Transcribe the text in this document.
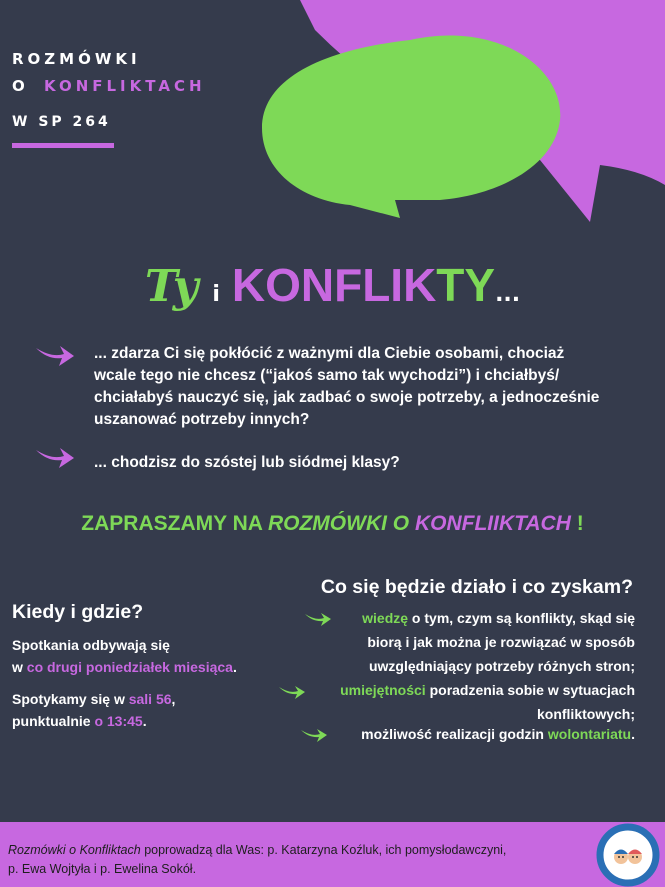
ROZMÓWKI
O KONFLIKTACH
W SP 264
Ty i KONFLIKTY...
... zdarza Ci się pokłócić z ważnymi dla Ciebie osobami, chociaż
wcale tego nie chcesz (“jakoś samo tak wychodzi”) i chciałbyś/
chciałabyś nauczyć się, jak zadbać o swoje potrzeby, a jednocześnie
uszanować potrzeby innych?
... chodzisz do szóstej lub siódmej klasy?
ZAPRASZAMY NA ROZMÓWKI O KONFLIIKTACH !
Kiedy i gdzie?
Spotkania odbywają się
w co drugi poniedziałek miesiąca.
Spotykamy się w sali 56,
punktualnie o 13:45.
Co się będzie działo i co zyskam?
wiedzę o tym, czym są konflikty, skąd się
biorą i jak można je rozwiązać w sposób
uwzględniający potrzeby różnych stron;
umiejętności poradzenia sobie w sytuacjach
konfliktowych;
możliwość realizacji godzin wolontariatu.
Rozmówki o Konfliktach poprowadzą dla Was: p. Katarzyna Koźluk, ich pomysłodawczyni,
p. Ewa Wojtyła i p. Ewelina Sokół.
